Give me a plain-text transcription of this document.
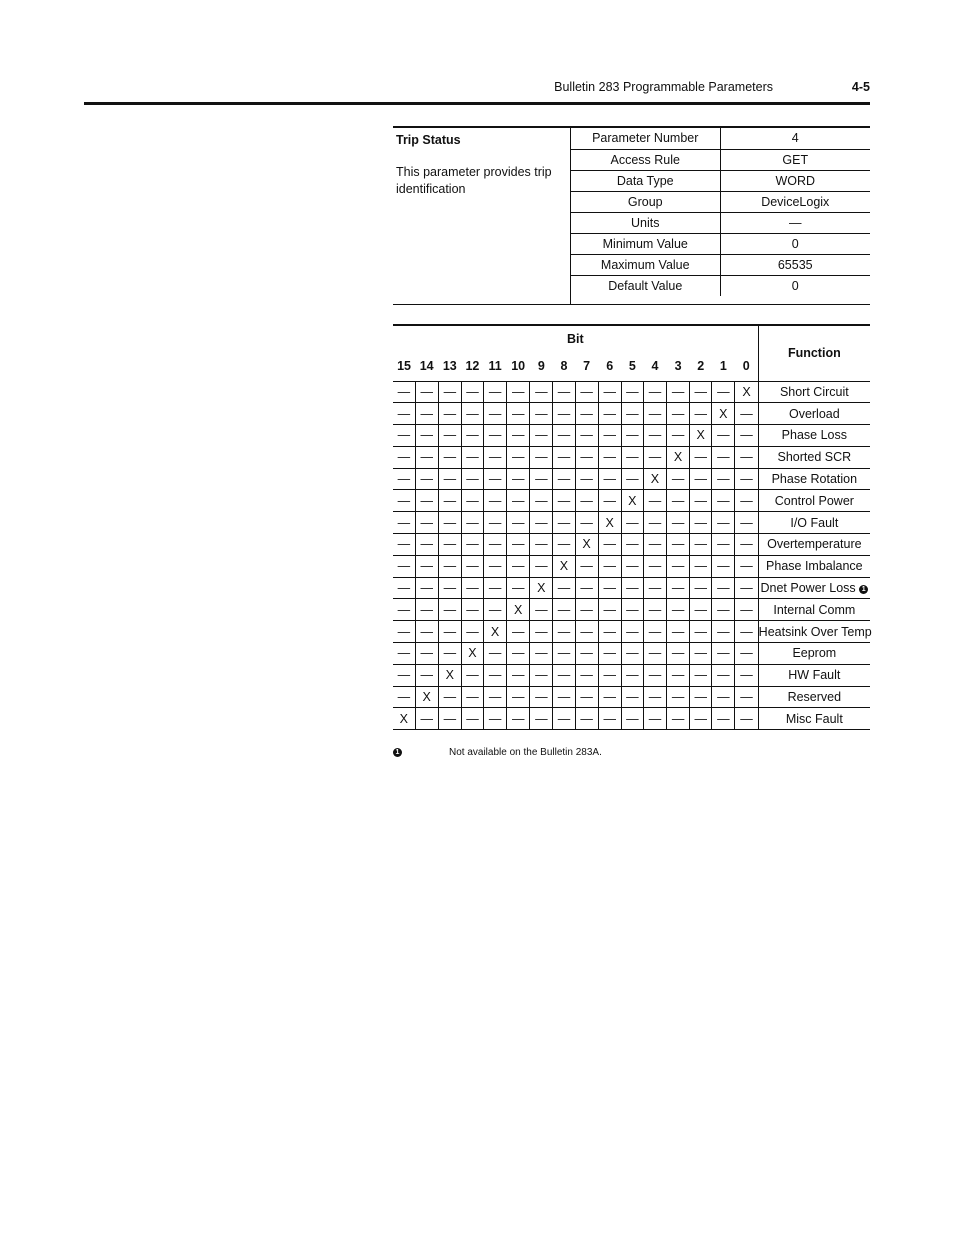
Bulletin 283 Programmable Parameters	4-5
Trip Status
This parameter provides trip identification
Parameter Number	4
Access Rule	GET
Data Type	WORD
Group	DeviceLogix
Units	—
Minimum Value	0
Maximum Value	65535
Default Value	0
Bit																Function
15	14	13	12	11	10	9	8	7	6	5	4	3	2	1	0	
—	—	—	—	—	—	—	—	—	—	—	—	—	—	—	X	Short Circuit
—	—	—	—	—	—	—	—	—	—	—	—	—	—	X	—	Overload
—	—	—	—	—	—	—	—	—	—	—	—	—	X	—	—	Phase Loss
—	—	—	—	—	—	—	—	—	—	—	—	X	—	—	—	Shorted SCR
—	—	—	—	—	—	—	—	—	—	—	X	—	—	—	—	Phase Rotation
—	—	—	—	—	—	—	—	—	—	X	—	—	—	—	—	Control Power
—	—	—	—	—	—	—	—	—	X	—	—	—	—	—	—	I/O Fault
—	—	—	—	—	—	—	—	X	—	—	—	—	—	—	—	Overtemperature
—	—	—	—	—	—	—	X	—	—	—	—	—	—	—	—	Phase Imbalance
—	—	—	—	—	—	X	—	—	—	—	—	—	—	—	—	Dnet Power Loss 1
—	—	—	—	—	X	—	—	—	—	—	—	—	—	—	—	Internal Comm
—	—	—	—	X	—	—	—	—	—	—	—	—	—	—	—	Heatsink Over Temp
—	—	—	X	—	—	—	—	—	—	—	—	—	—	—	—	Eeprom
—	—	X	—	—	—	—	—	—	—	—	—	—	—	—	—	HW Fault
—	X	—	—	—	—	—	—	—	—	—	—	—	—	—	—	Reserved
X	—	—	—	—	—	—	—	—	—	—	—	—	—	—	—	Misc Fault
1	Not available on the Bulletin 283A.
